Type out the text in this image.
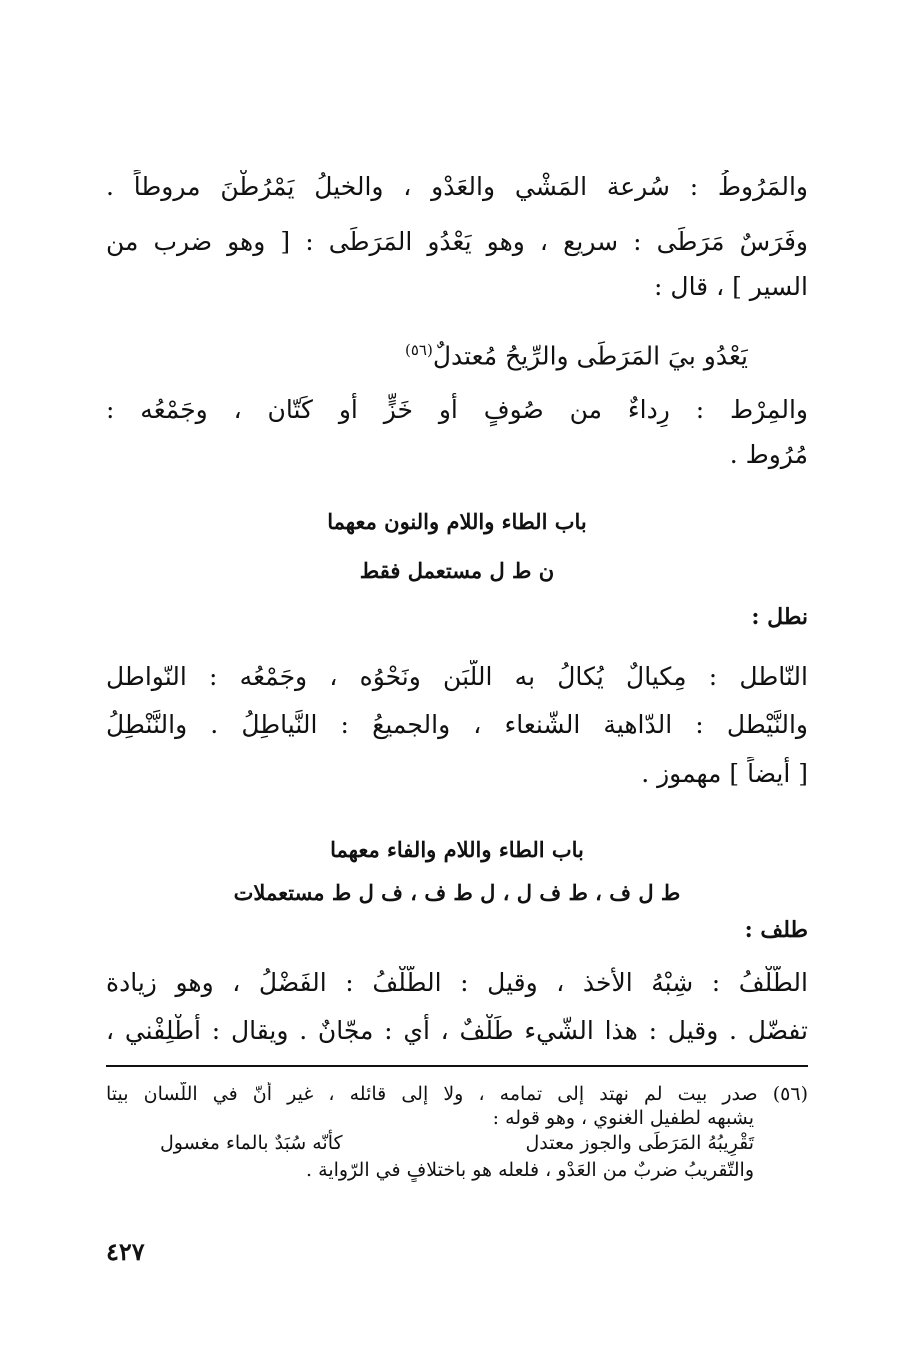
والمَرُوطُ : سُرعة المَشْي والعَدْو ، والخيلُ يَمْرُطْنَ مروطاً .
وفَرَسٌ مَرَطَى : سريع ، وهو يَعْدُو المَرَطَى : [ وهو ضرب من
السير ] ، قال :
يَعْدُو بيَ المَرَطَى والرِّيحُ مُعتدلٌ$^{(٥٦)}$
والمِرْط : رِداءٌ من صُوفٍ أو خَزٍّ أو كَتّان ، وجَمْعُه :
مُرُوط .
باب الطاء واللام والنون معهما
ن ط ل مستعمل فقط
نطل :
النّاطل : مِكيالٌ يُكالُ به اللّبَن ونَحْوُه ، وجَمْعُه : النّواطل
والنَّيْطل : الدّاهية الشّنعاء ، والجميعُ : النَّياطِلُ . والنَّنْطِلُ
[ أيضاً ] مهموز .
باب الطاء واللام والفاء معهما
ط ل ف ، ط ف ل ، ل ط ف ، ف ل ط مستعملات
طلف :
الطَّلْفُ : شِبْهُ الأخذ ، وقيل : الطَّلْفُ : الفَضْلُ ، وهو زيادة
تفضّل . وقيل : هذا الشّيء طَلْفٌ ، أي : مجّانٌ . ويقال : أطْلِفْني ،
(٥٦) صدر بيت لم نهتد إلى تمامه ، ولا إلى قائله ، غير أنّ في اللّسان بيتا
يشبهه لطفيل الغنوي ، وهو قوله :
تَقْرِيبُهُ المَرَطَى والجوز معتدل
كأنّه سُبَدٌ بالماء مغسول
والتّقريبُ ضربٌ من العَدْو ، فلعله هو باختلافٍ في الرّواية .
٤٢٧
